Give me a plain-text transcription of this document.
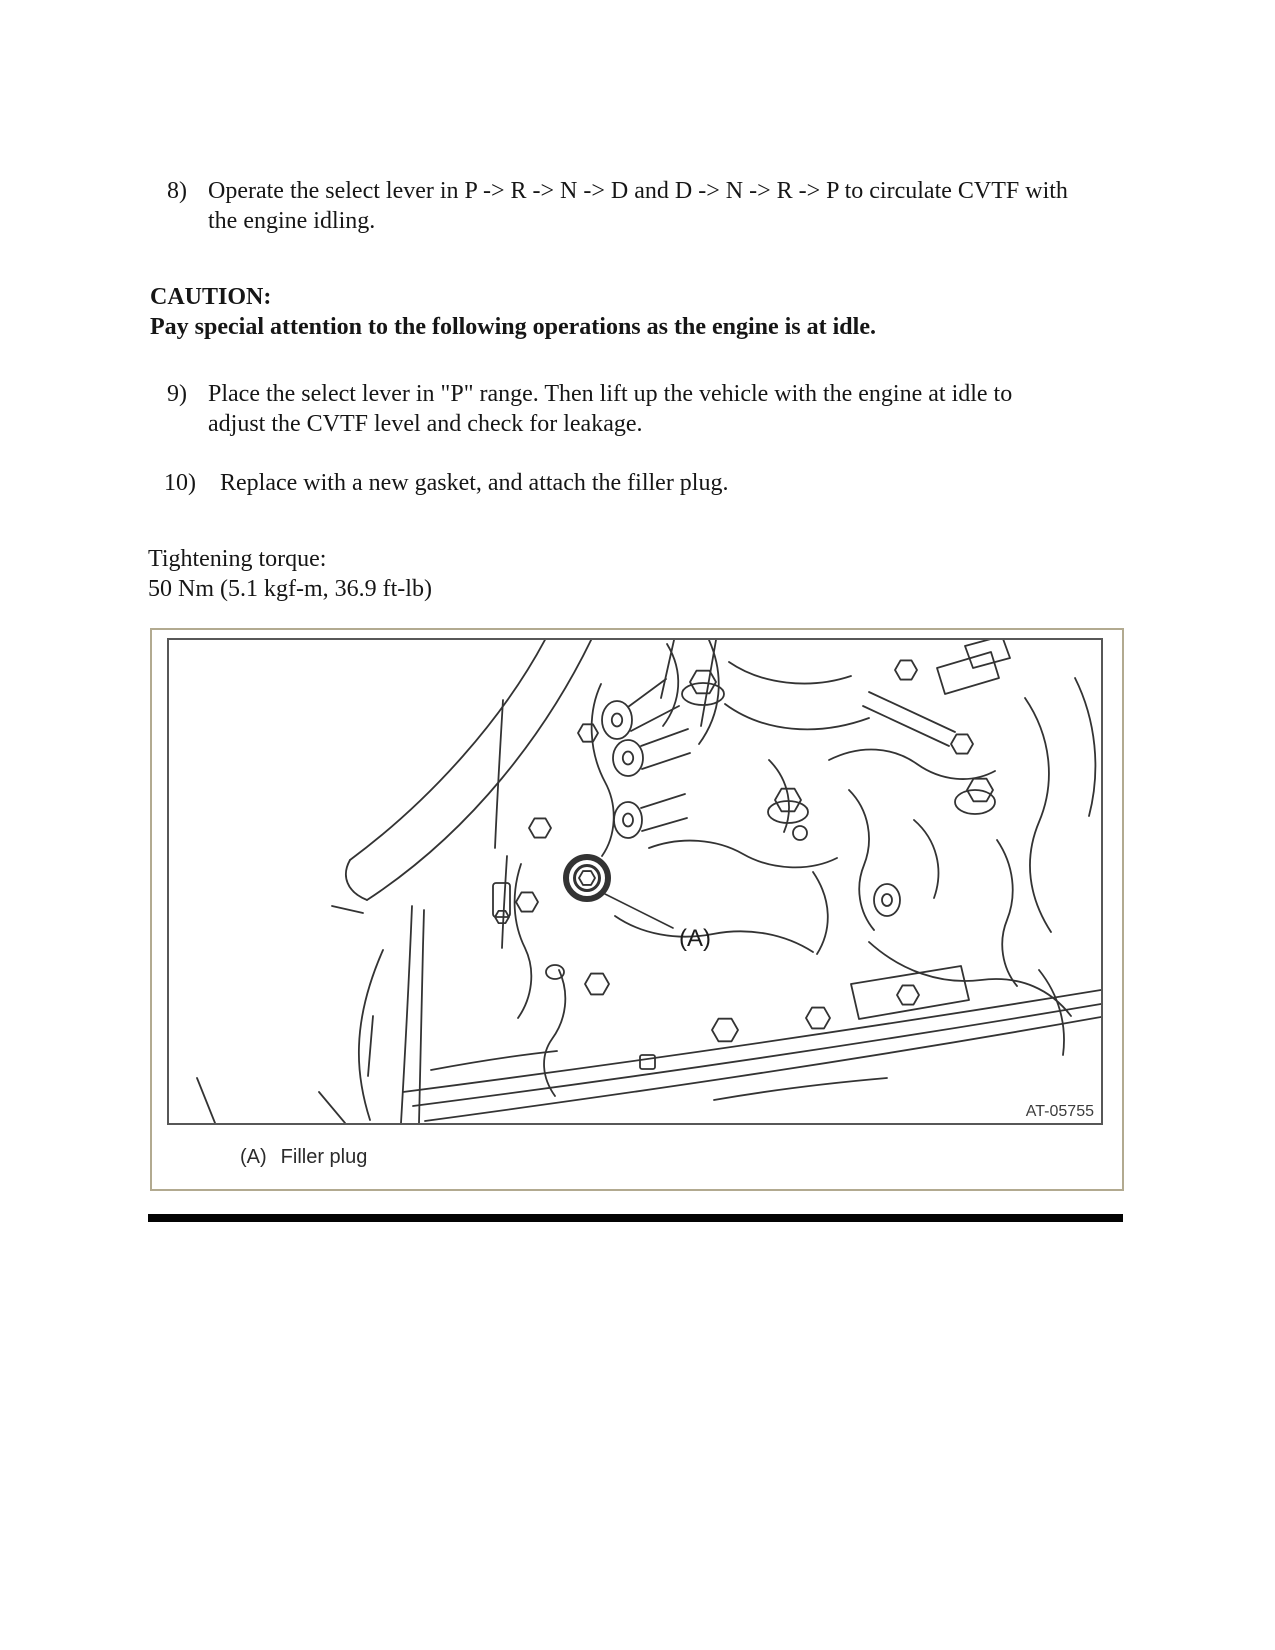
8) Operate the select lever in P -> R -> N -> D and D -> N -> R -> P to circulate CVTF with
the engine idling.
CAUTION:
Pay special attention to the following operations as the engine is at idle.
9) Place the select lever in "P" range. Then lift up the vehicle with the engine at idle to
adjust the CVTF level and check for leakage.
10) Replace with a new gasket, and attach the filler plug.
Tightening torque:
50 Nm (5.1 kgf-m, 36.9 ft-lb)
(A)
AT-05755
(A) Filler plug
